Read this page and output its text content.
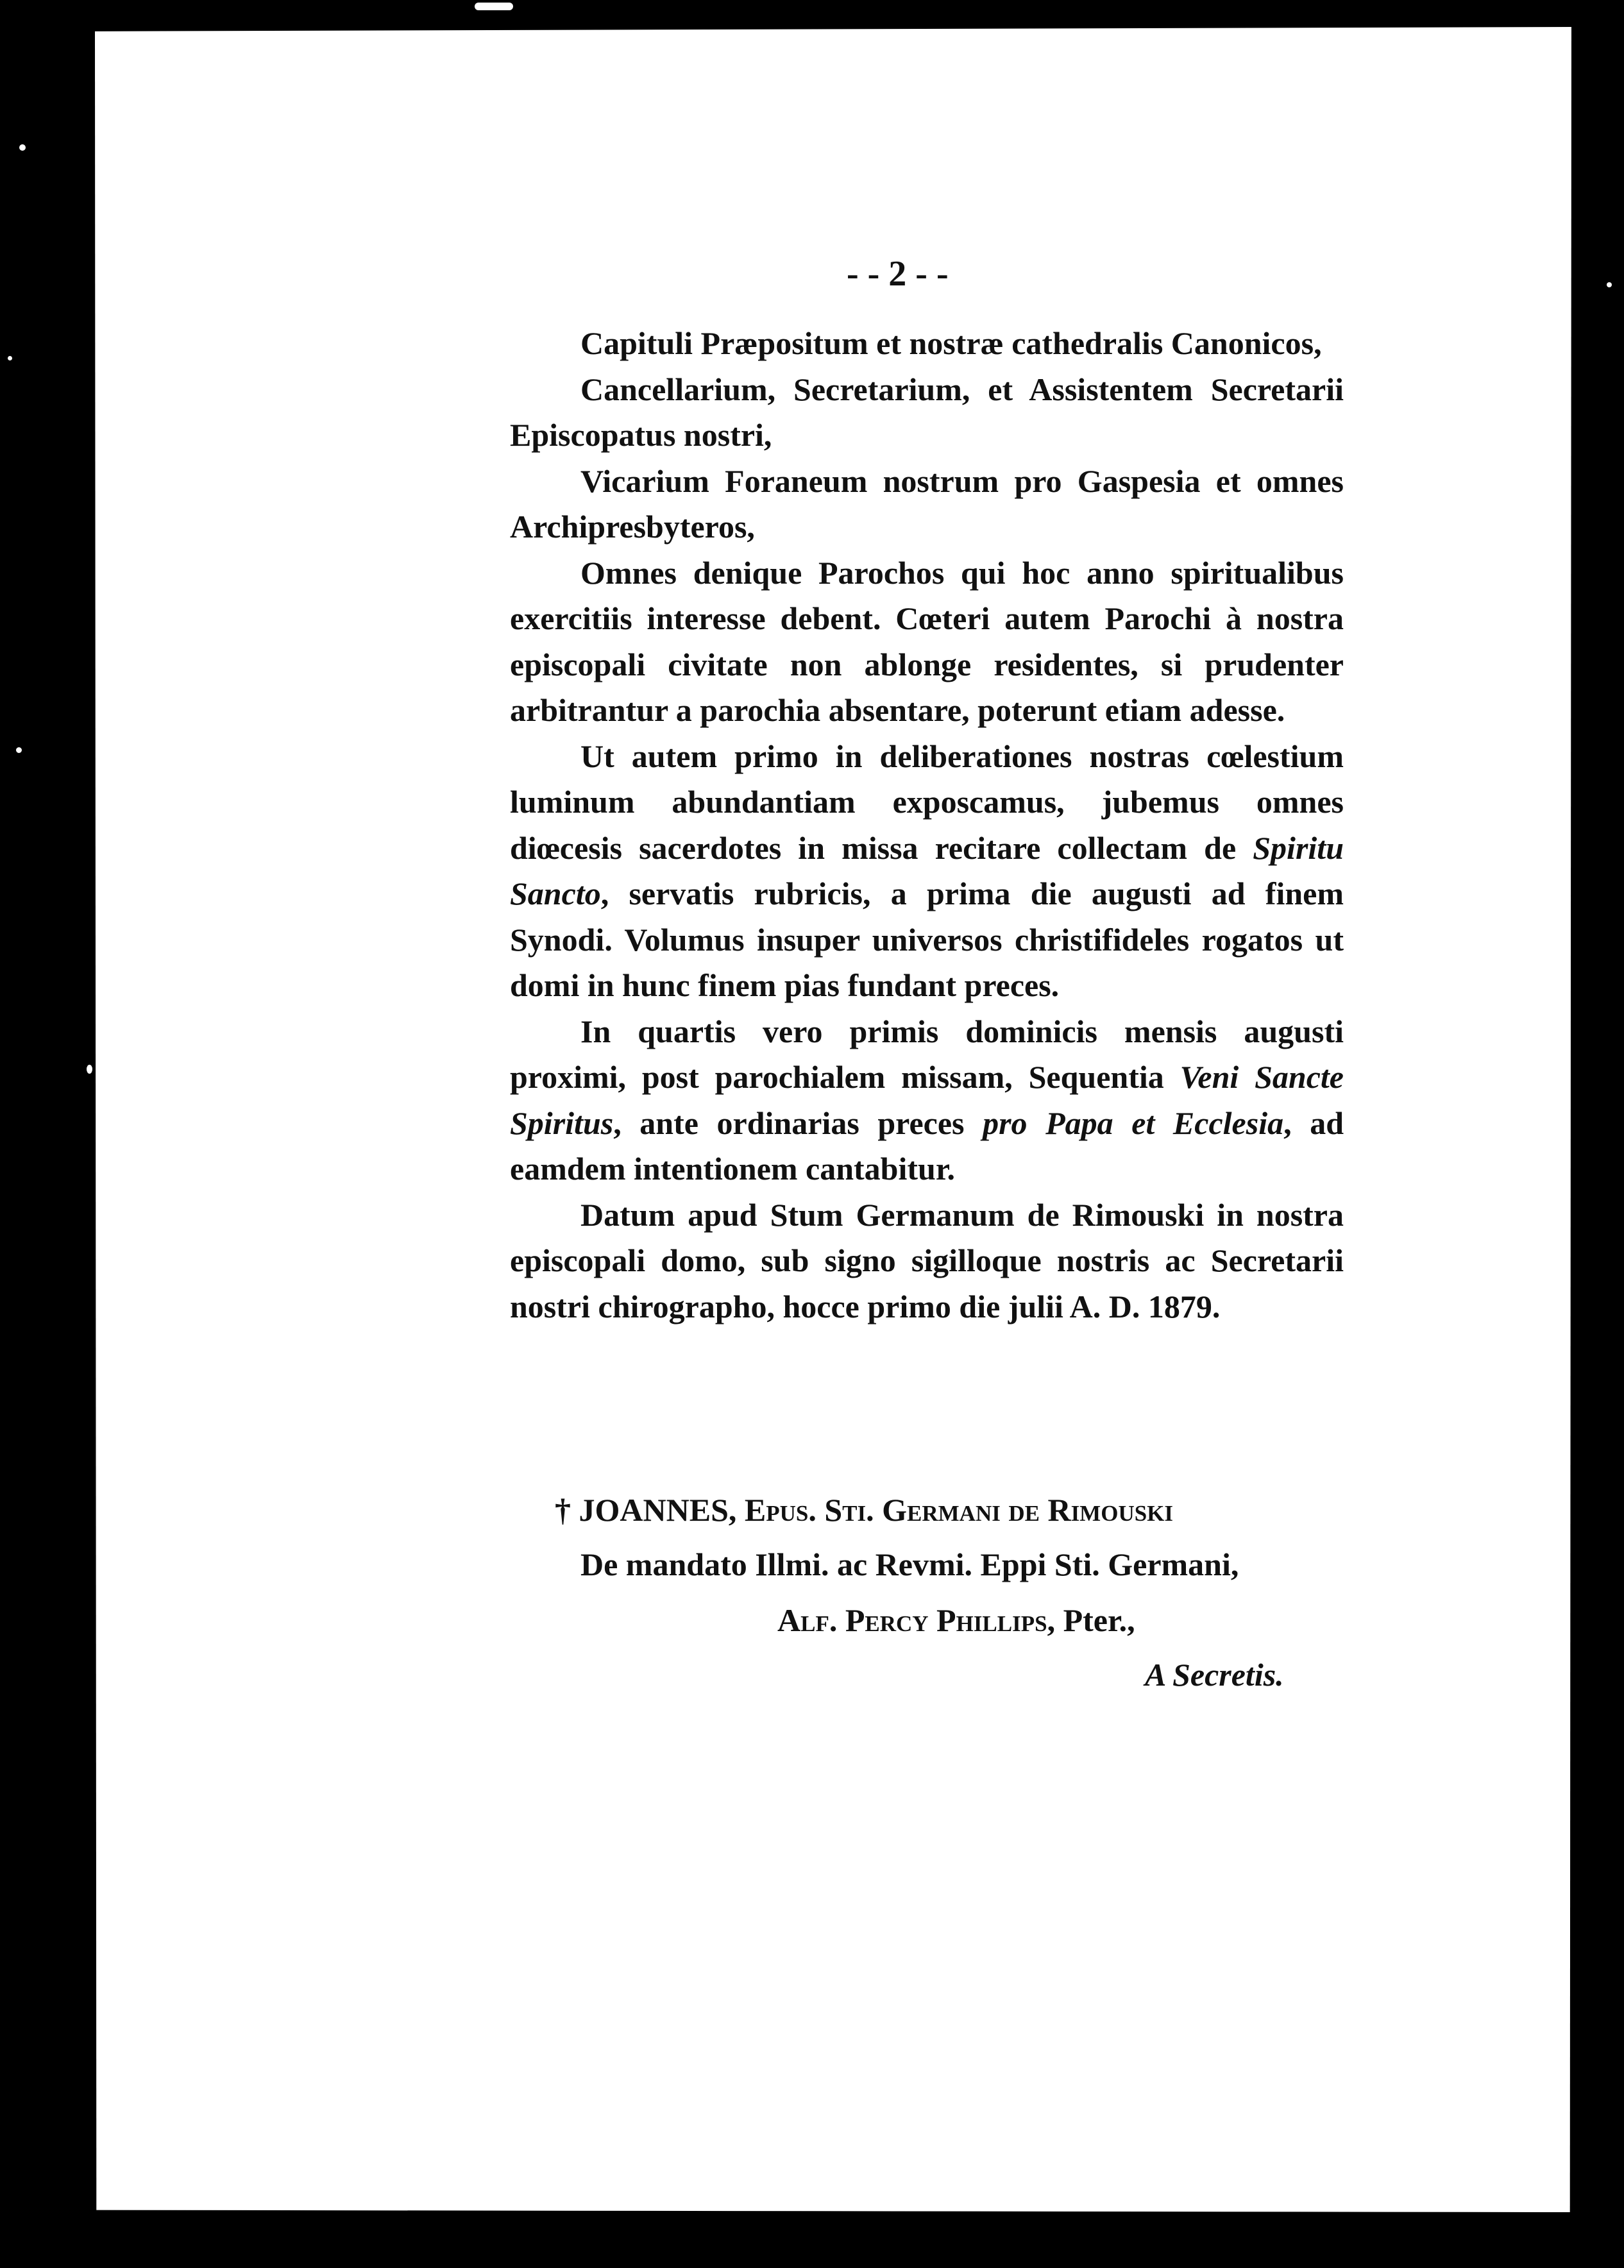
- - 2 - -

Capituli Præpositum et nostræ cathedralis Canonicos,

Cancellarium, Secretarium, et Assistentem Secretarii Episcopatus nostri,

Vicarium Foraneum nostrum pro Gaspesia et omnes Archipresbyteros,

Omnes denique Parochos qui hoc anno spiritualibus exercitiis interesse debent. Cœteri autem Parochi à nostra episcopali civitate non ablonge residentes, si prudenter arbitrantur a parochia absentare, poterunt etiam adesse.

Ut autem primo in deliberationes nostras cœlestium luminum abundantiam exposcamus, jubemus omnes diœcesis sacerdotes in missa recitare collectam de Spiritu Sancto, servatis rubricis, a prima die augusti ad finem Synodi. Volumus insuper universos christifideles rogatos ut domi in hunc finem pias fundant preces.

In quartis vero primis dominicis mensis augusti proximi, post parochialem missam, Sequentia Veni Sancte Spiritus, ante ordinarias preces pro Papa et Ecclesia, ad eamdem intentionem cantabitur.

Datum apud Stum Germanum de Rimouski in nostra episcopali domo, sub signo sigilloque nostris ac Secretarii nostri chirographo, hocce primo die julii A. D. 1879.

† JOANNES, Epus. Sti. Germani de Rimouski
De mandato Illmi. ac Revmi. Eppi Sti. Germani,
Alf. Percy Phillips, Pter.,
A Secretis.
